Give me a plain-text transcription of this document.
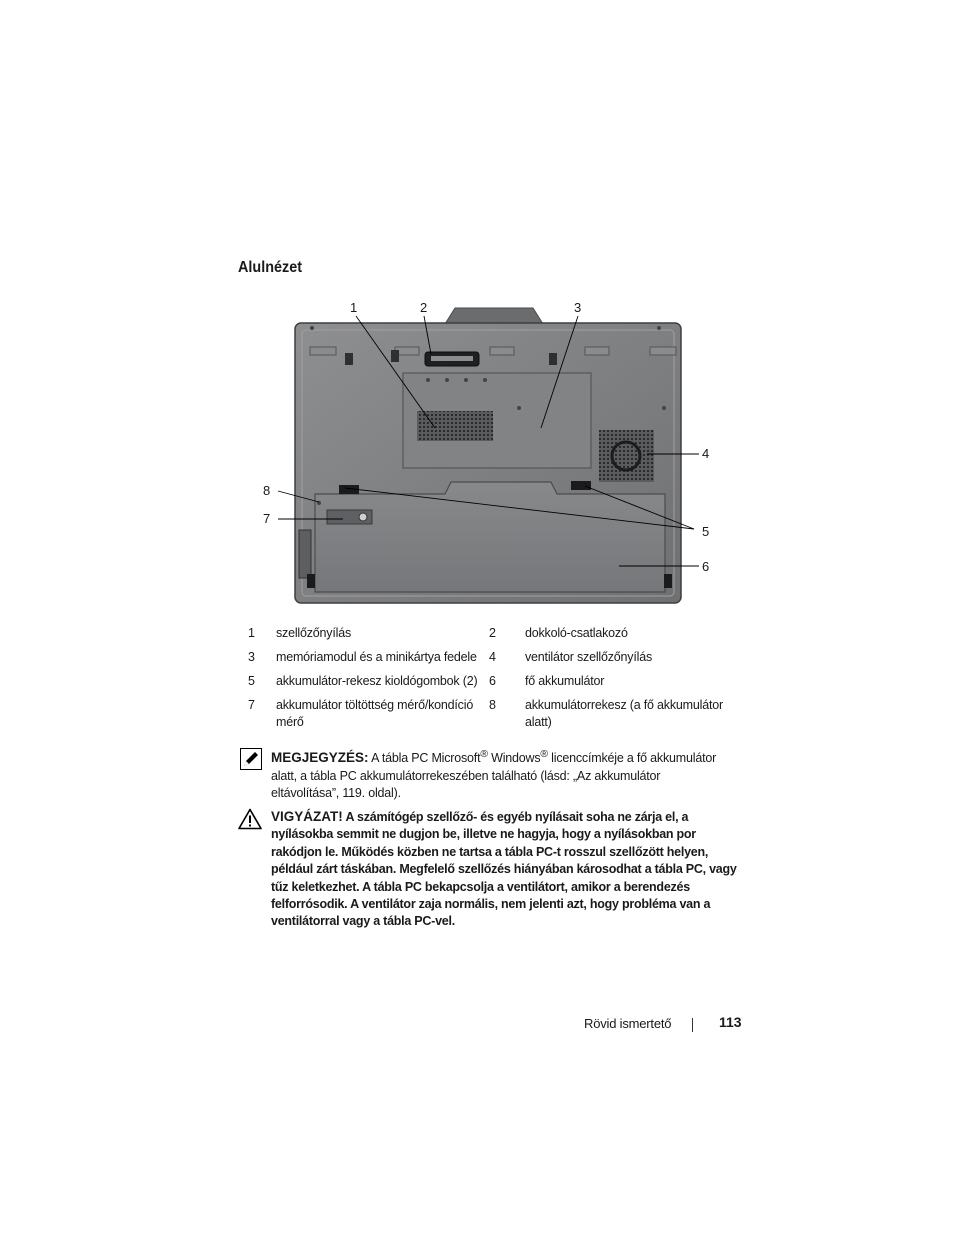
Alulnézet
1	2	3
4
5
6
7
8
1	szellőzőnyílás	2	dokkoló-csatlakozó
3	memóriamodul és a minikártya fedele	4	ventilátor szellőzőnyílás
5	akkumulátor-rekesz kioldógombok (2)	6	fő akkumulátor
7	akkumulátor töltöttség mérő/kondíció mérő	8	akkumulátorrekesz (a fő akkumulátor alatt)
MEGJEGYZÉS: A tábla PC Microsoft® Windows® licenccímkéje a fő akkumulátor alatt, a tábla PC akkumulátorrekeszében található (lásd: „Az akkumulátor eltávolítása”, 119. oldal).
VIGYÁZAT! A számítógép szellőző- és egyéb nyílásait soha ne zárja el, a nyílásokba semmit ne dugjon be, illetve ne hagyja, hogy a nyílásokban por rakódjon le. Működés közben ne tartsa a tábla PC-t rosszul szellőzött helyen, például zárt táskában. Megfelelő szellőzés hiányában károsodhat a tábla PC, vagy tűz keletkezhet. A tábla PC bekapcsolja a ventilátort, amikor a berendezés felforrósodik. A ventilátor zaja normális, nem jelenti azt, hogy probléma van a ventilátorral vagy a tábla PC-vel.
Rövid ismertető	113
